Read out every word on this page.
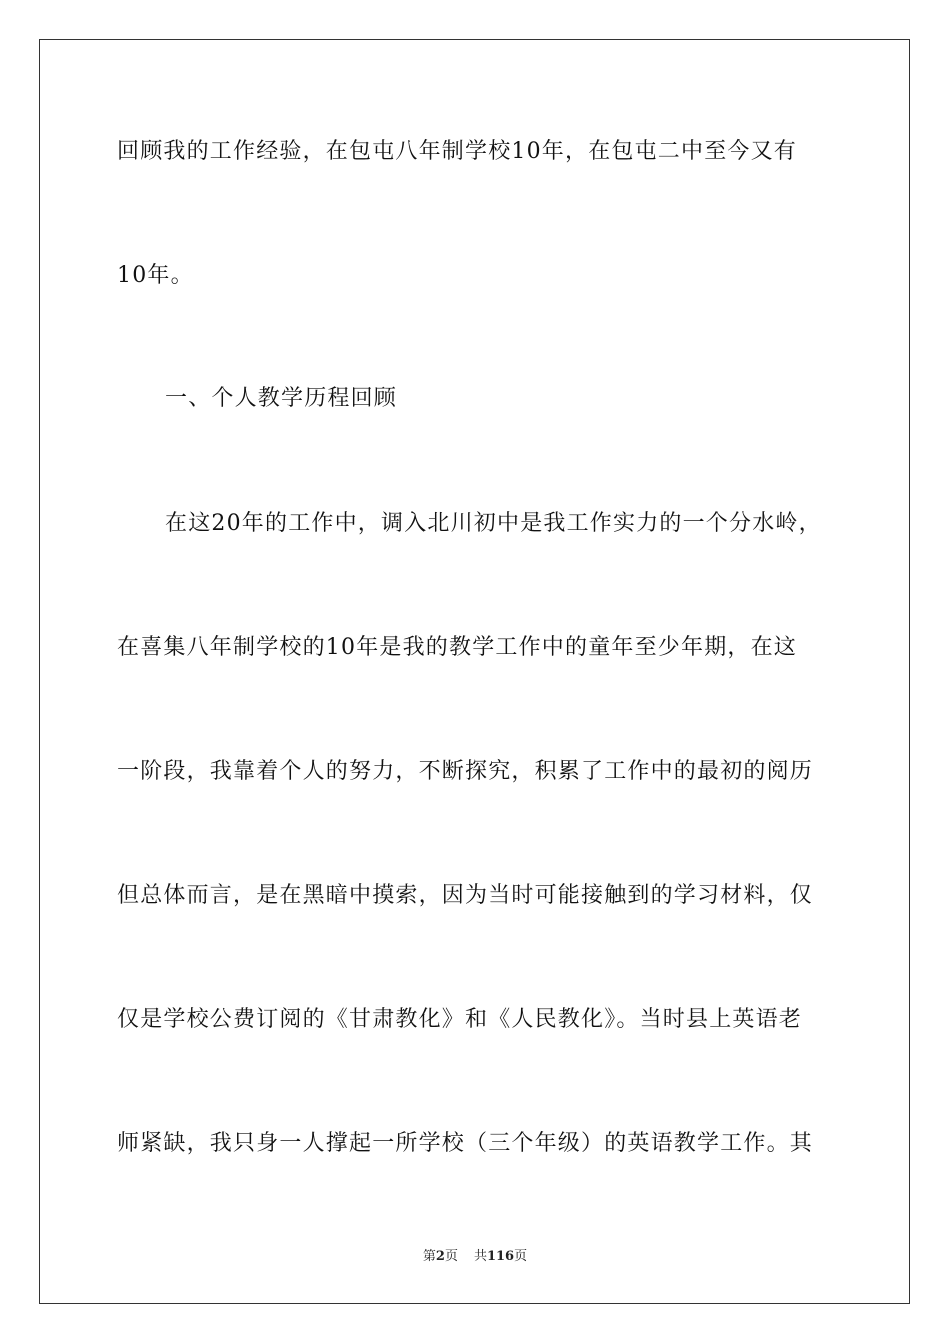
回顾我的工作经验，在包屯八年制学校10年，在包屯二中至今又有
10年。
一、个人教学历程回顾
在这20年的工作中，调入北川初中是我工作实力的一个分水岭，
在喜集八年制学校的10年是我的教学工作中的童年至少年期，在这
一阶段，我靠着个人的努力，不断探究，积累了工作中的最初的阅历
但总体而言，是在黑暗中摸索，因为当时可能接触到的学习材料，仅
仅是学校公费订阅的《甘肃教化》和《人民教化》。当时县上英语老
师紧缺，我只身一人撑起一所学校（三个年级）的英语教学工作。其
第2页 共116页
